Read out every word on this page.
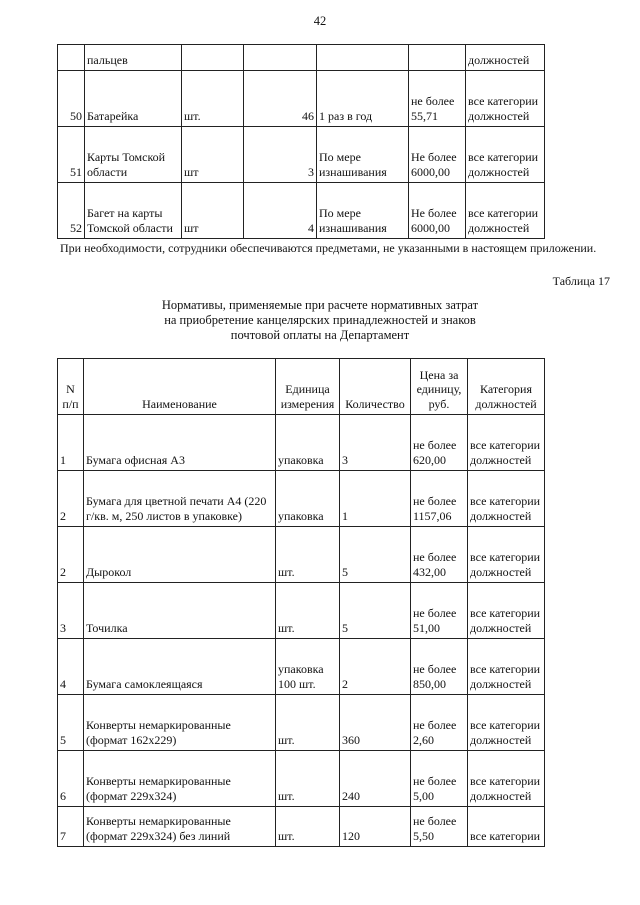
42
	пальцев					должностей
50	Батарейка	шт.	46	1 раз в год	не более 55,71	все категории должностей
51	Карты Томской области	шт	3	По мере изнашивания	Не более 6000,00	все категории должностей
52	Багет на карты Томской области	шт	4	По мере изнашивания	Не более 6000,00	все категории должностей
При необходимости, сотрудники обеспечиваются предметами, не указанными в настоящем приложении.
Таблица 17
Нормативы, применяемые при расчете нормативных затрат
на приобретение канцелярских принадлежностей и знаков
почтовой оплаты на Департамент
N п/п	Наименование	Единица измерения	Количество	Цена за единицу, руб.	Категория должностей
1	Бумага офисная А3	упаковка	3	не более 620,00	все категории должностей
2	Бумага для цветной печати А4 (220 г/кв. м, 250 листов в упаковке)	упаковка	1	не более 1157,06	все категории должностей
2	Дырокол	шт.	5	не более 432,00	все категории должностей
3	Точилка	шт.	5	не более 51,00	все категории должностей
4	Бумага самоклеящаяся	упаковка 100 шт.	2	не более 850,00	все категории должностей
5	Конверты немаркированные (формат 162x229)	шт.	360	не более 2,60	все категории должностей
6	Конверты немаркированные (формат 229x324)	шт.	240	не более 5,00	все категории должностей
7	Конверты немаркированные (формат 229x324) без линий	шт.	120	не более 5,50	все категории
